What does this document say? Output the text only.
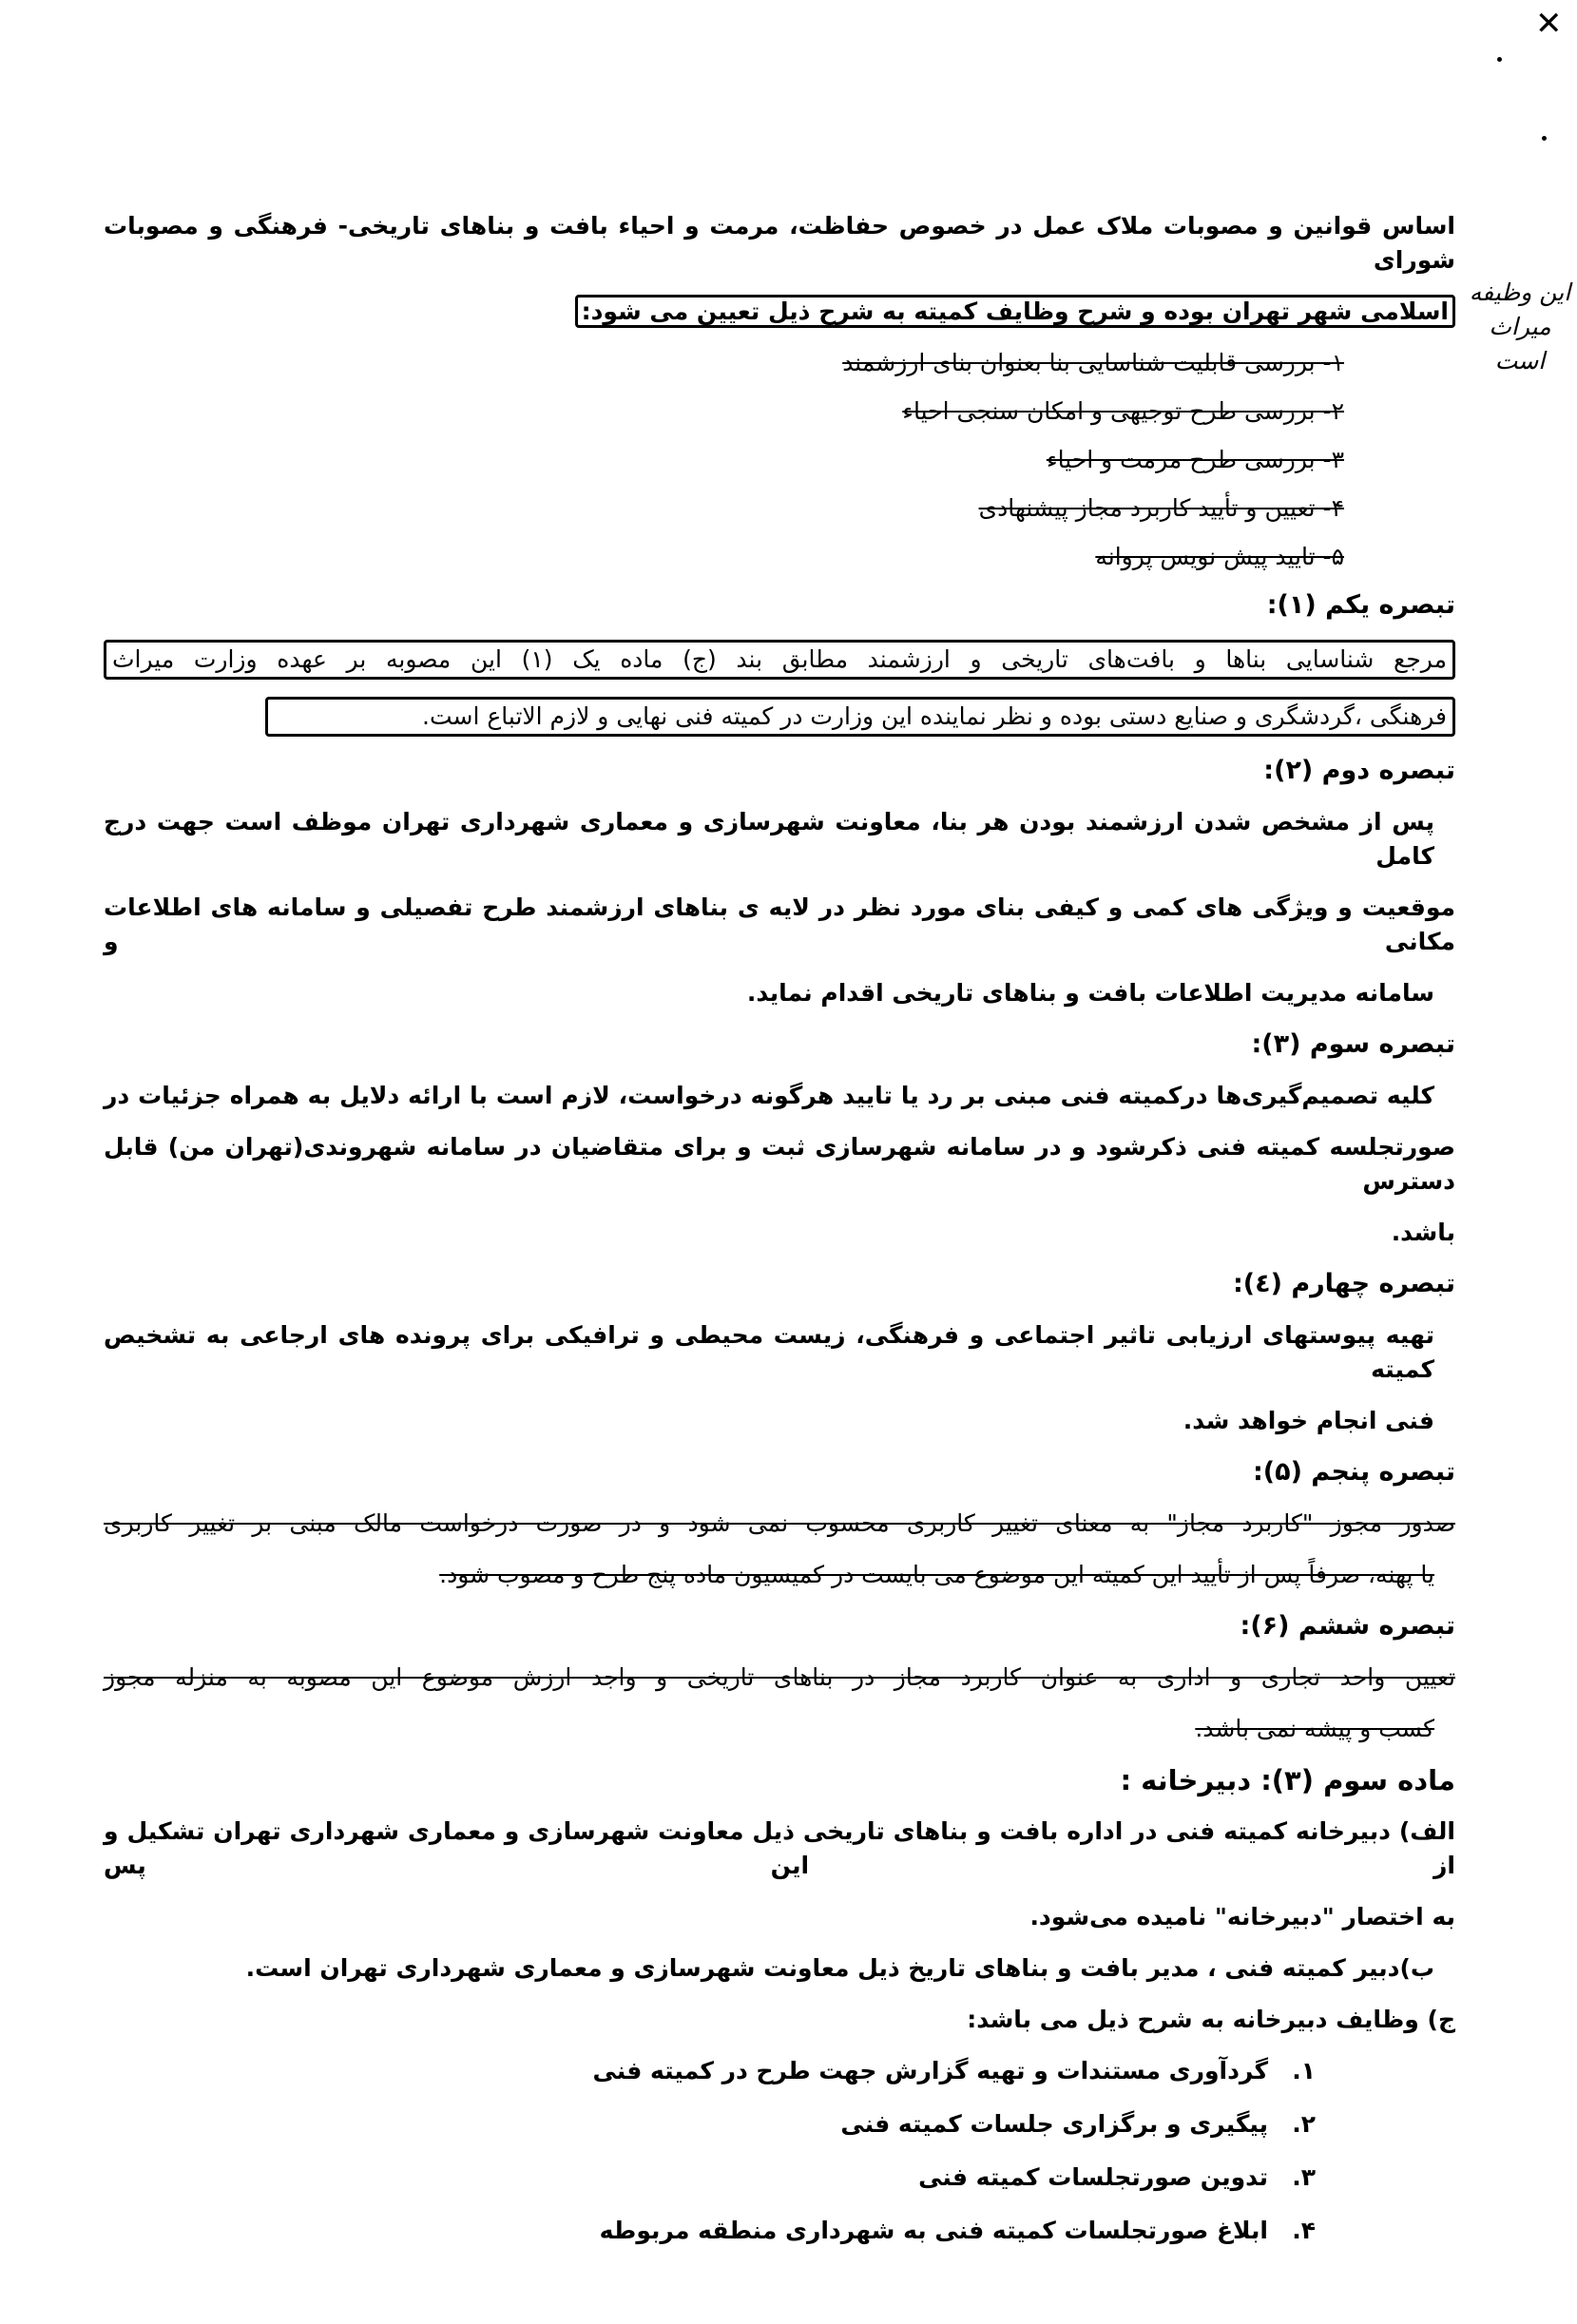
✕
این وظیفه میراث است
اساس قوانین و مصوبات ملاک عمل در خصوص حفاظت، مرمت و احیاء بافت و بناهای تاریخی- فرهنگی و مصوبات شورای
اسلامی شهر تهران بوده و شرح وظایف کمیته به شرح ذیل تعیین می شود:
۱- بررسی قابلیت شناسایی بنا بعنوان بنای ارزشمند
۲- بررسی طرح توجیهی و امکان سنجی احیاء
۳- بررسی طرح مرمت و احیاء
۴- تعیین و تأیید کاربرد مجاز پیشنهادی
۵- تایید پیش نویس پروانه
تبصره یکم (۱):
مرجع شناسایی بناها و بافت‌های تاریخی و ارزشمند مطابق بند (ج) ماده یک (۱) این مصوبه بر عهده وزارت میراث
فرهنگی ،گردشگری و صنایع دستی بوده و نظر نماینده این وزارت در کمیته فنی نهایی و لازم الاتباع است.
تبصره دوم (۲):
پس از مشخص شدن ارزشمند بودن هر بنا، معاونت شهرسازی و معماری شهرداری تهران موظف است جهت درج کامل
موقعیت و ویژگی های کمی و کیفی بنای مورد نظر در لایه ی بناهای ارزشمند طرح تفصیلی و سامانه های اطلاعات مکانی و
سامانه مدیریت اطلاعات بافت و بناهای تاریخی اقدام نماید.
تبصره سوم (۳):
کلیه تصمیم‌گیری‌ها درکمیته فنی مبنی بر رد یا تایید هرگونه درخواست، لازم است با ارائه دلایل به همراه جزئیات در
صورتجلسه کمیته فنی ذکرشود و در سامانه شهرسازی ثبت و برای متقاضیان در سامانه شهروندی(تهران من) قابل دسترس
باشد.
تبصره چهارم (٤):
تهیه پیوستهای ارزیابی تاثیر اجتماعی و فرهنگی، زیست محیطی و ترافیکی برای پرونده های ارجاعی به تشخیص کمیته
فنی انجام خواهد شد.
تبصره پنجم (۵):
صدور مجوز "کاربرد مجاز" به معنای تغییر کاربری محسوب نمی شود و در صورت درخواست مالک مبنی بر تغییر کاربری
یا پهنه، صرفاً پس از تأیید این کمیته این موضوع می بایست در کمیسیون ماده پنج طرح و مصوب شود.
تبصره ششم (۶):
تعیین واحد تجاری و اداری به عنوان کاربرد مجاز در بناهای تاریخی و واجد ارزش موضوع این مصوبه به منزله مجوز
کسب و پیشه نمی باشد.
ماده سوم (۳): دبیرخانه :
الف) دبیرخانه کمیته فنی در اداره بافت و بناهای تاریخی ذیل معاونت شهرسازی و معماری شهرداری تهران تشکیل و از این پس
به اختصار "دبیرخانه" نامیده می‌شود.
ب)دبیر کمیته فنی ، مدیر بافت و بناهای تاریخ ذیل معاونت شهرسازی و معماری شهرداری تهران است.
ج) وظایف دبیرخانه به شرح ذیل می باشد:
۱.گردآوری مستندات و تهیه گزارش جهت طرح در کمیته فنی
۲.پیگیری و برگزاری جلسات کمیته فنی
۳.تدوین صورتجلسات کمیته فنی
۴.ابلاغ صورتجلسات کمیته فنی به شهرداری منطقه مربوطه
